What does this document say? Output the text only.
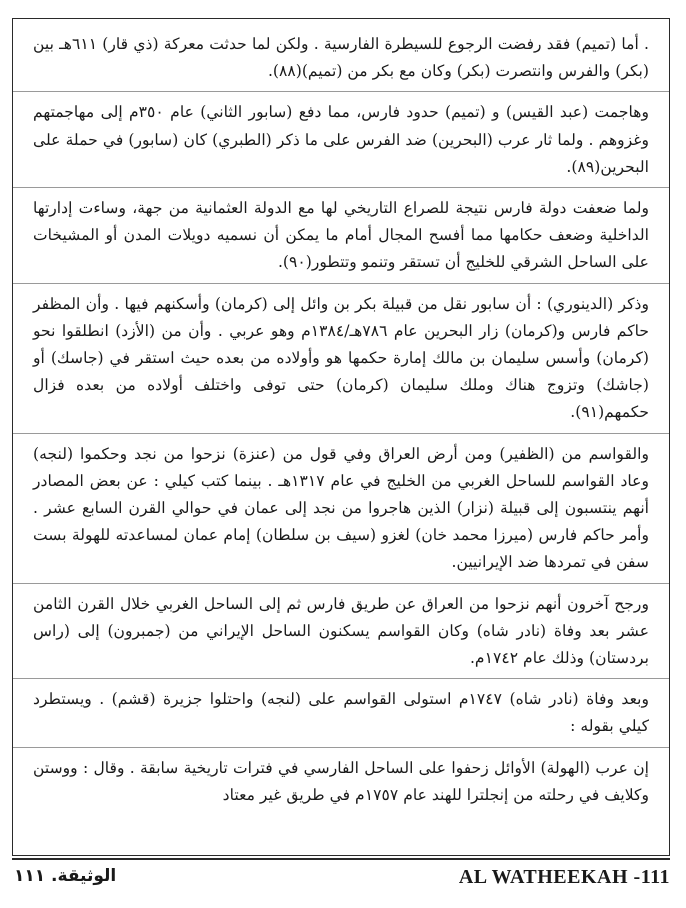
. أما (تميم) فقد رفضت الرجوع للسيطرة الفارسية . ولكن لما حدثت معركة (ذي قار) ٦١١هـ بين (بكر) والفرس وانتصرت (بكر) وكان مع بكر من (تميم)(٨٨).

وهاجمت (عبد القيس) و (تميم) حدود فارس، مما دفع (سابور الثاني) عام ٣٥٠م إلى مهاجمتهم وغزوهم . ولما ثار عرب (البحرين) ضد الفرس على ما ذكر (الطبري) كان (سابور) في حملة على البحرين(٨٩).

ولما ضعفت دولة فارس نتيجة للصراع التاريخي لها مع الدولة العثمانية من جهة، وساءت إدارتها الداخلية وضعف حكامها مما أفسح المجال أمام ما يمكن أن نسميه دويلات المدن أو المشيخات على الساحل الشرقي للخليج أن تستقر وتنمو وتتطور(٩٠).

وذكر (الدينوري) : أن سابور نقل من قبيلة بكر بن وائل إلى (كرمان) وأسكنهم فيها . وأن المظفر حاكم فارس و(كرمان) زار البحرين عام ٧٨٦هـ/١٣٨٤م وهو عربي . وأن من (الأزد) انطلقوا نحو (كرمان) وأسس سليمان بن مالك إمارة حكمها هو وأولاده من بعده حيث استقر في (جاسك) أو (جاشك) وتزوج هناك وملك سليمان (كرمان) حتى توفى واختلف أولاده من بعده فزال حكمهم(٩١).

والقواسم من (الظفير) ومن أرض العراق وفي قول من (عنزة) نزحوا من نجد وحكموا (لنجه) وعاد القواسم للساحل الغربي من الخليج في عام ١٣١٧هـ . بينما كتب كيلي : عن بعض المصادر أنهم ينتسبون إلى قبيلة (نزار) الذين هاجروا من نجد إلى عمان في حوالي القرن السابع عشر . وأمر حاكم فارس (ميرزا محمد خان) لغزو (سيف بن سلطان) إمام عمان لمساعدته للهولة بست سفن في تمردها ضد الإيرانيين.

ورجح آخرون أنهم نزحوا من العراق عن طريق فارس ثم إلى الساحل الغربي خلال القرن الثامن عشر بعد وفاة (نادر شاه) وكان القواسم يسكنون الساحل الإيراني من (جمبرون) إلى (راس بردستان) وذلك عام ١٧٤٢م.

وبعد وفاة (نادر شاه) ١٧٤٧م استولى القواسم على (لنجه) واحتلوا جزيرة (قشم) . ويستطرد كيلي بقوله :

إن عرب (الهولة) الأوائل زحفوا على الساحل الفارسي في فترات تاريخية سابقة . وقال : ووستن وكلايف في رحلته من إنجلترا للهند عام ١٧٥٧م في طريق غير معتاد

AL WATHEEKAH -111
الوثيقة. ١١١
